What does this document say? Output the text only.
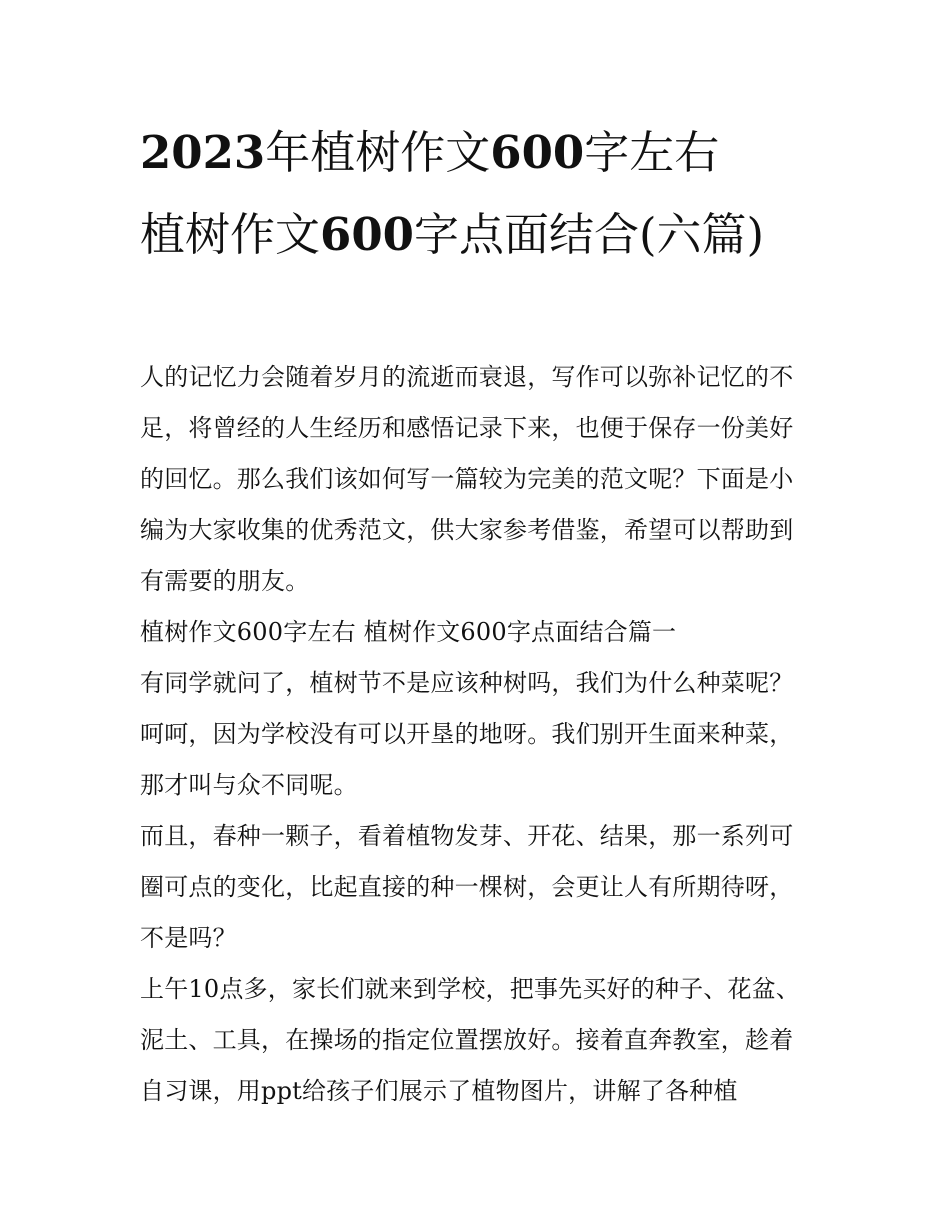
2023年植树作文600字左右
植树作文600字点面结合(六篇)

人的记忆力会随着岁月的流逝而衰退，写作可以弥补记忆的不足，将曾经的人生经历和感悟记录下来，也便于保存一份美好的回忆。那么我们该如何写一篇较为完美的范文呢？下面是小编为大家收集的优秀范文，供大家参考借鉴，希望可以帮助到有需要的朋友。

植树作文600字左右 植树作文600字点面结合篇一

有同学就问了，植树节不是应该种树吗，我们为什么种菜呢？呵呵，因为学校没有可以开垦的地呀。我们别开生面来种菜，那才叫与众不同呢。

而且，春种一颗子，看着植物发芽、开花、结果，那一系列可圈可点的变化，比起直接的种一棵树，会更让人有所期待呀，不是吗？

上午10点多，家长们就来到学校，把事先买好的种子、花盆、泥土、工具，在操场的指定位置摆放好。接着直奔教室，趁着自习课，用ppt给孩子们展示了植物图片，讲解了各种植
